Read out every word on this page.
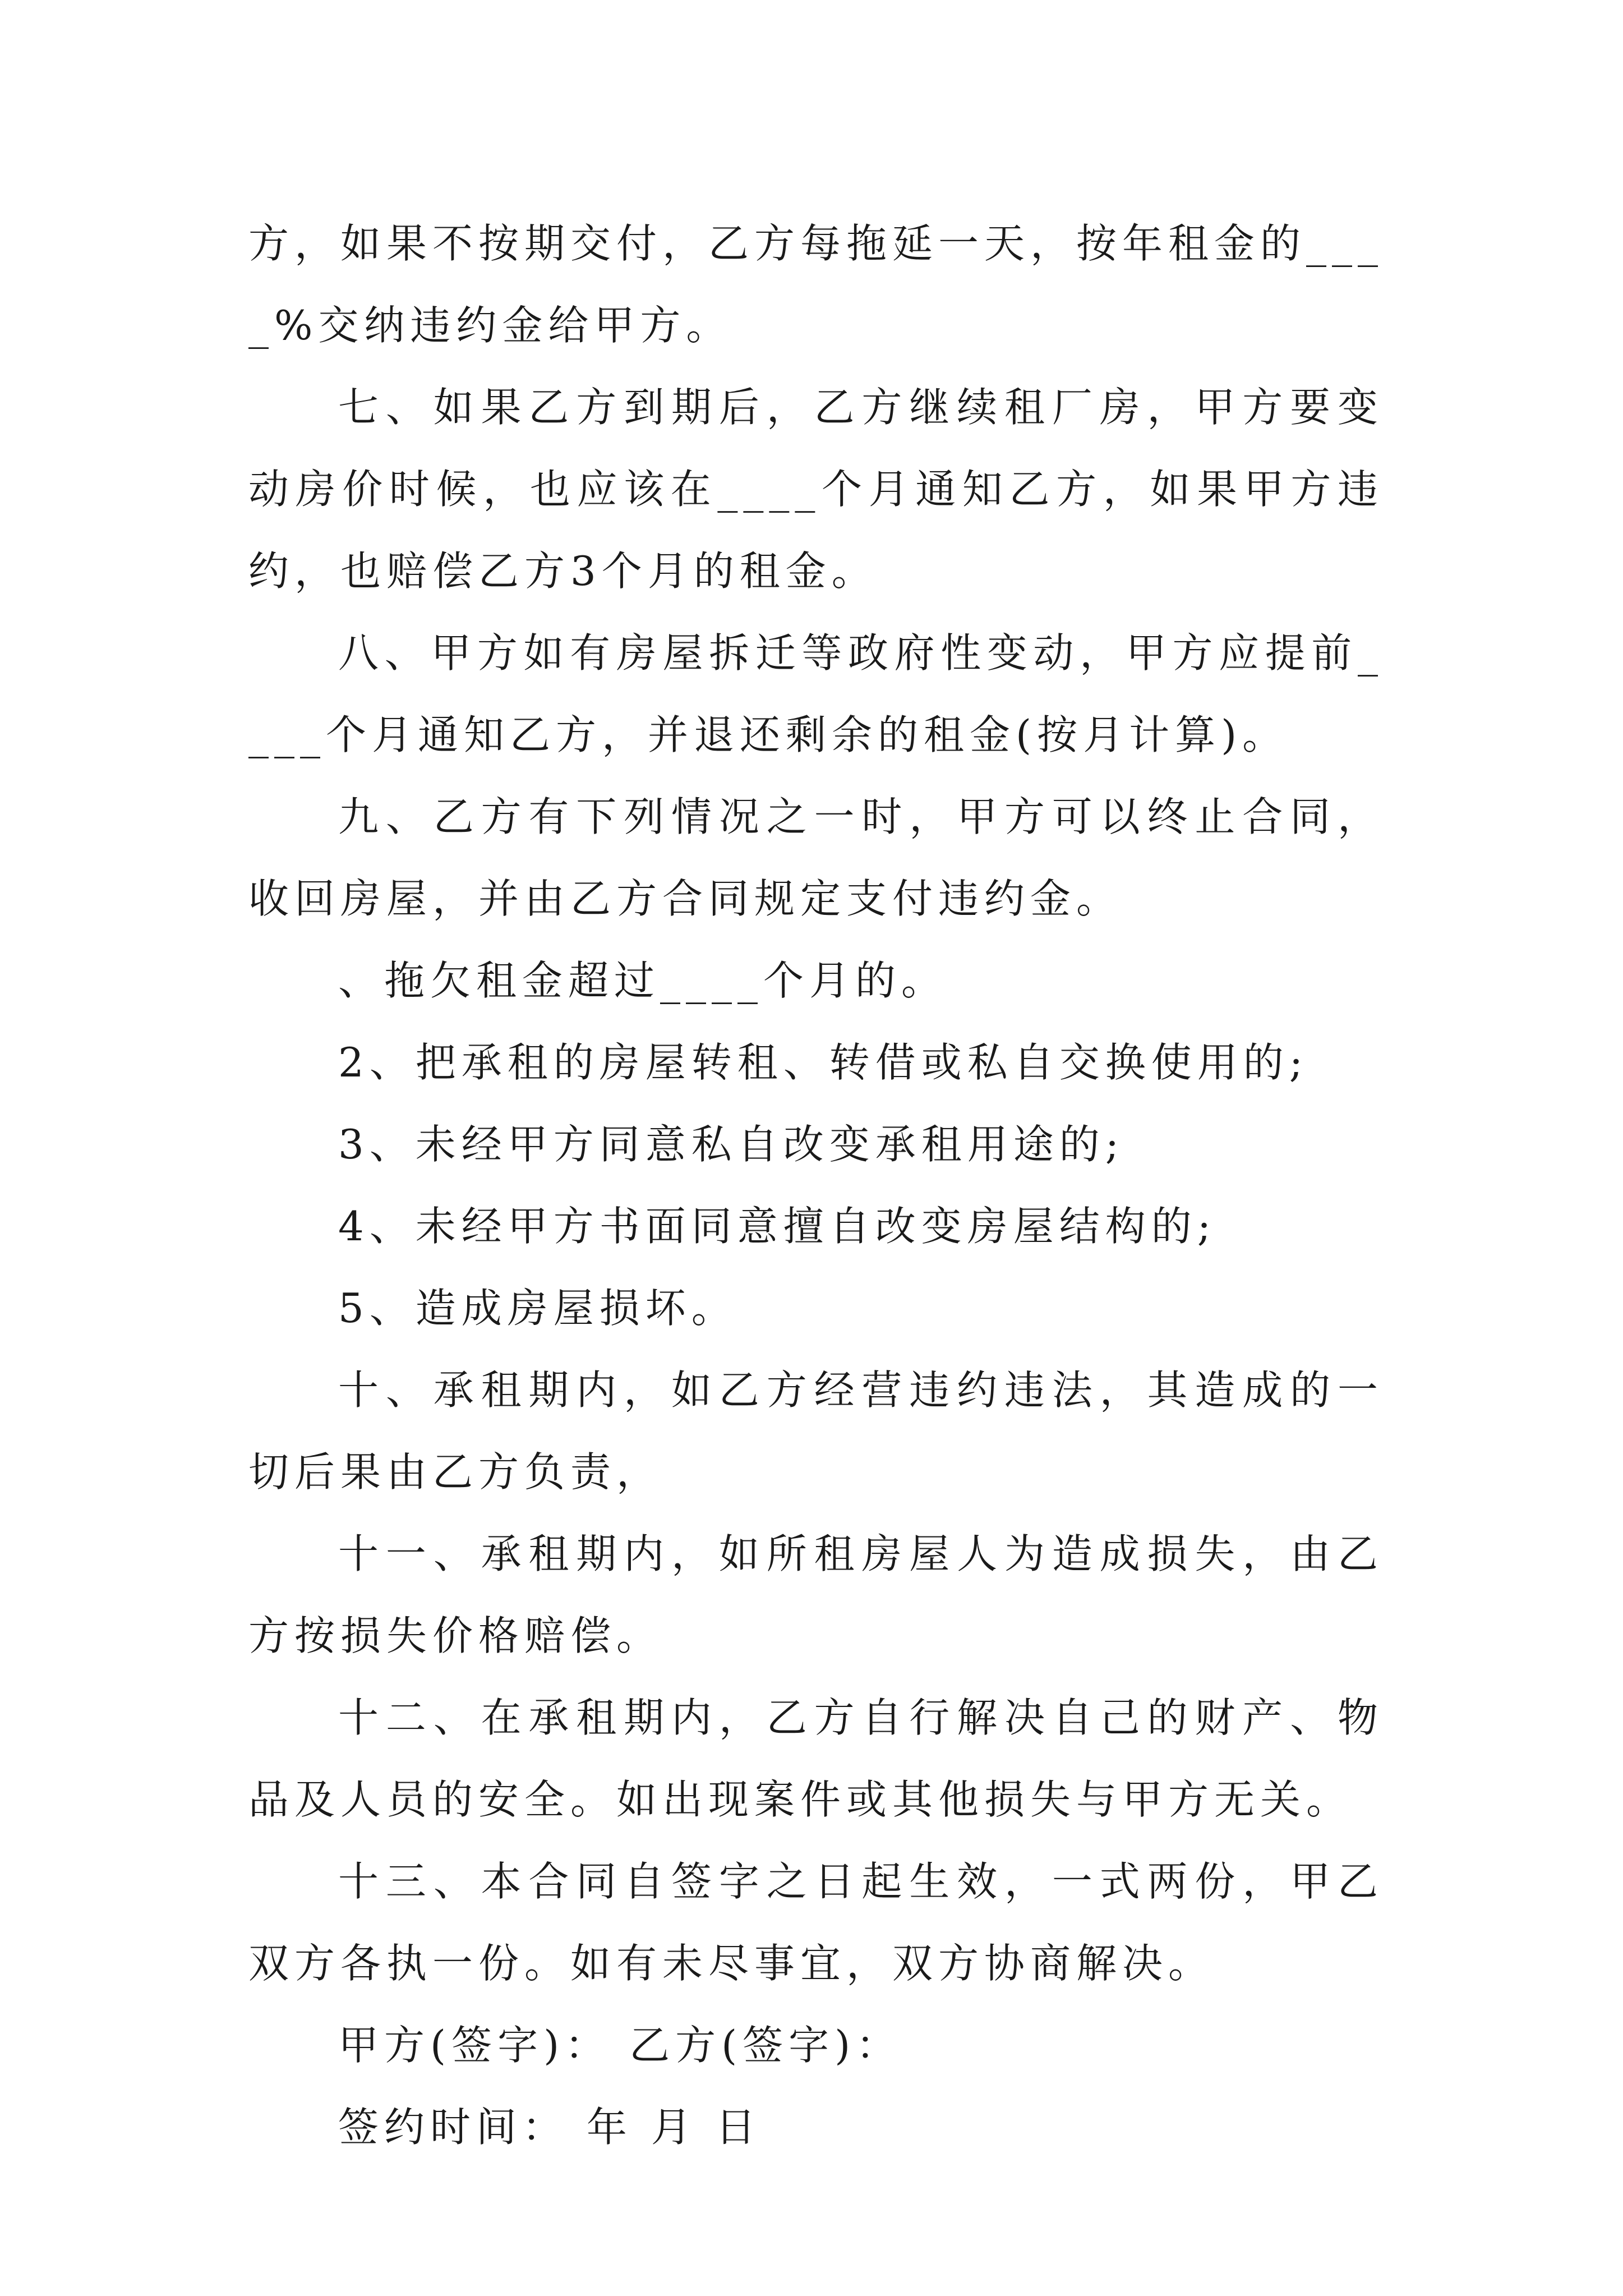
方，如果不按期交付，乙方每拖延一天，按年租金的____%交纳违约金给甲方。

七、如果乙方到期后，乙方继续租厂房，甲方要变动房价时候，也应该在____个月通知乙方，如果甲方违约，也赔偿乙方3个月的租金。

八、甲方如有房屋拆迁等政府性变动，甲方应提前____个月通知乙方，并退还剩余的租金(按月计算)。

九、乙方有下列情况之一时，甲方可以终止合同，收回房屋，并由乙方合同规定支付违约金。

、拖欠租金超过____个月的。

2、把承租的房屋转租、转借或私自交换使用的;

3、未经甲方同意私自改变承租用途的;

4、未经甲方书面同意擅自改变房屋结构的;

5、造成房屋损坏。

十、承租期内，如乙方经营违约违法，其造成的一切后果由乙方负责，

十一、承租期内，如所租房屋人为造成损失，由乙方按损失价格赔偿。

十二、在承租期内，乙方自行解决自己的财产、物品及人员的安全。如出现案件或其他损失与甲方无关。

十三、本合同自签字之日起生效，一式两份，甲乙双方各执一份。如有未尽事宜，双方协商解决。

甲方(签字)： 乙方(签字)：

签约时间： 年 月 日
